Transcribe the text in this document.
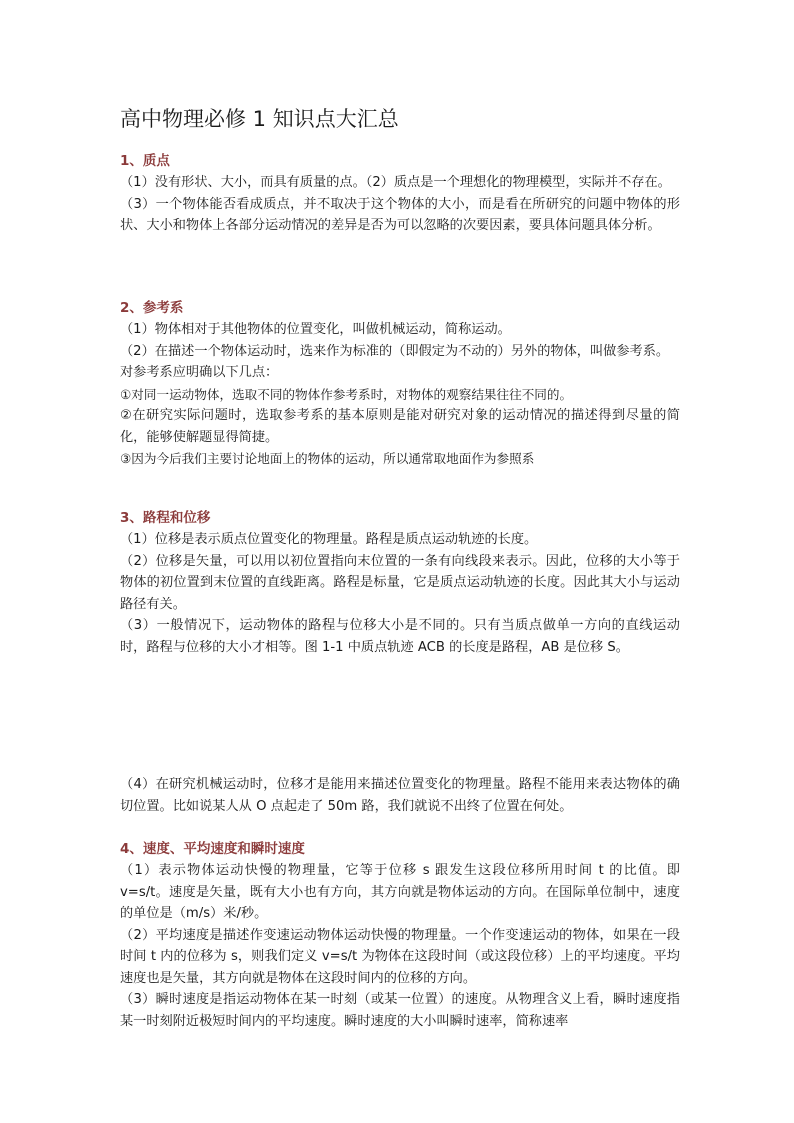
高中物理必修 1 知识点大汇总
1、质点

（1）没有形状、大小，而具有质量的点。（2）质点是一个理想化的物理模型，实际并不存在。

（3）一个物体能否看成质点，并不取决于这个物体的大小，而是看在所研究的问题中物体的形状、大小和物体上各部分运动情况的差异是否为可以忽略的次要因素，要具体问题具体分析。

2、参考系

（1）物体相对于其他物体的位置变化，叫做机械运动，简称运动。

（2）在描述一个物体运动时，选来作为标准的（即假定为不动的）另外的物体，叫做参考系。

对参考系应明确以下几点：

①对同一运动物体，选取不同的物体作参考系时，对物体的观察结果往往不同的。

②在研究实际问题时，选取参考系的基本原则是能对研究对象的运动情况的描述得到尽量的简化，能够使解题显得简捷。

③因为今后我们主要讨论地面上的物体的运动，所以通常取地面作为参照系

3、路程和位移

（1）位移是表示质点位置变化的物理量。路程是质点运动轨迹的长度。

（2）位移是矢量，可以用以初位置指向末位置的一条有向线段来表示。因此，位移的大小等于物体的初位置到末位置的直线距离。路程是标量，它是质点运动轨迹的长度。因此其大小与运动路径有关。

（3）一般情况下，运动物体的路程与位移大小是不同的。只有当质点做单一方向的直线运动时，路程与位移的大小才相等。图 1-1 中质点轨迹 ACB 的长度是路程，AB 是位移 S。

（4）在研究机械运动时，位移才是能用来描述位置变化的物理量。路程不能用来表达物体的确切位置。比如说某人从 O 点起走了 50m 路，我们就说不出终了位置在何处。

4、速度、平均速度和瞬时速度

（1）表示物体运动快慢的物理量，它等于位移 s 跟发生这段位移所用时间 t 的比值。即 v=s/t。速度是矢量，既有大小也有方向，其方向就是物体运动的方向。在国际单位制中，速度的单位是（m/s）米/秒。

（2）平均速度是描述作变速运动物体运动快慢的物理量。一个作变速运动的物体，如果在一段时间 t 内的位移为 s，则我们定义 v=s/t 为物体在这段时间（或这段位移）上的平均速度。平均速度也是矢量，其方向就是物体在这段时间内的位移的方向。

（3）瞬时速度是指运动物体在某一时刻（或某一位置）的速度。从物理含义上看，瞬时速度指某一时刻附近极短时间内的平均速度。瞬时速度的大小叫瞬时速率，简称速率
